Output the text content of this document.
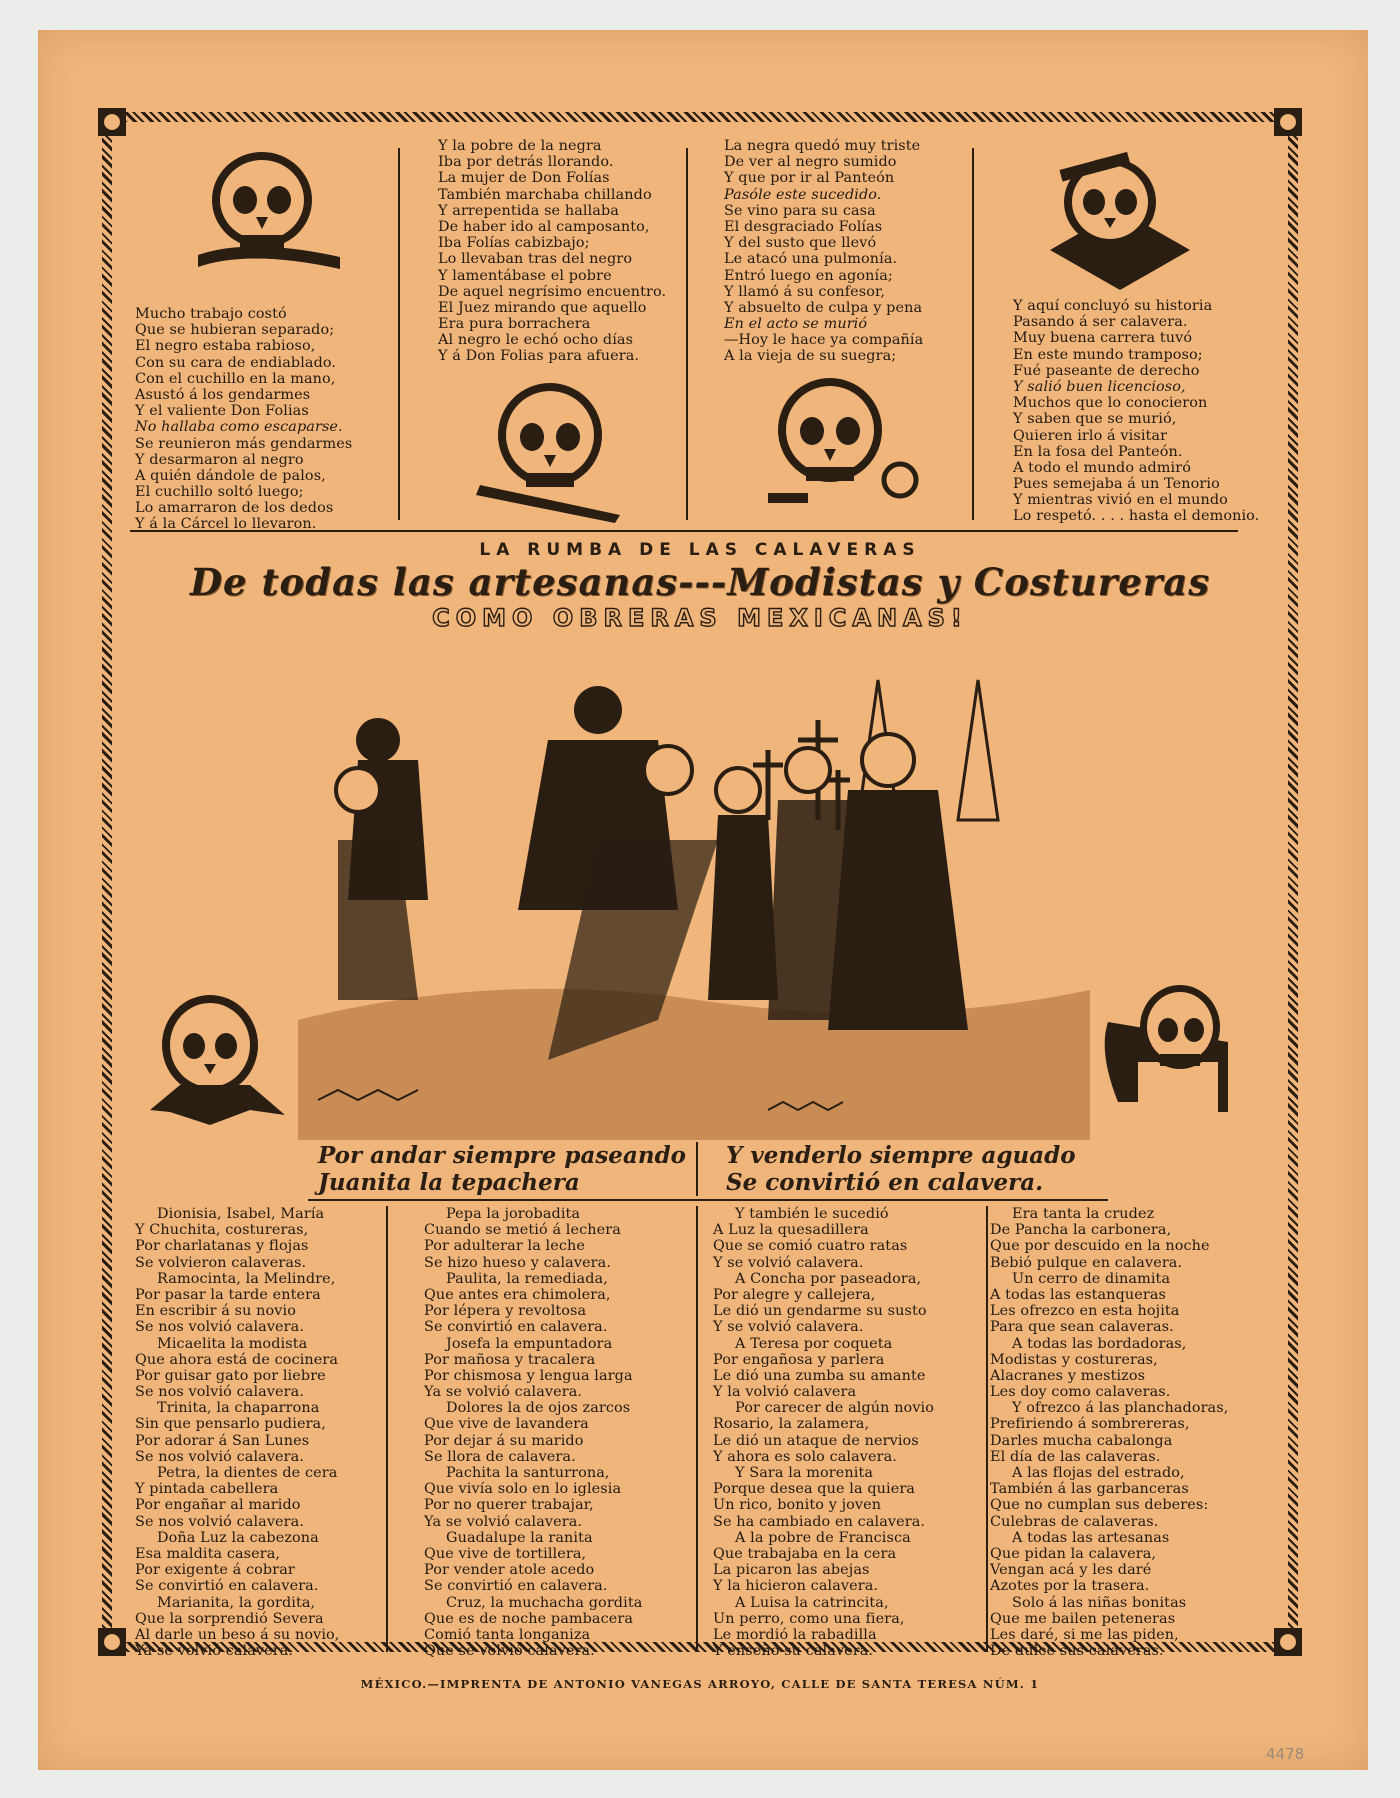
Mucho trabajo costó
Que se hubieran separado;
El negro estaba rabioso,
Con su cara de endiablado.
Con el cuchillo en la mano,
Asustó á los gendarmes
Y el valiente Don Folias
No hallaba como escaparse.
Se reunieron más gendarmes
Y desarmaron al negro
A quién dándole de palos,
El cuchillo soltó luego;
Lo amarraron de los dedos
Y á la Cárcel lo llevaron.
Y la pobre de la negra
Iba por detrás llorando.
La mujer de Don Folías
También marchaba chillando
Y arrepentida se hallaba
De haber ido al camposanto,
Iba Folías cabizbajo;
Lo llevaban tras del negro
Y lamentábase el pobre
De aquel negrísimo encuentro.
El Juez mirando que aquello
Era pura borrachera
Al negro le echó ocho días
Y á Don Folias para afuera.
La negra quedó muy triste
De ver al negro sumido
Y que por ir al Panteón
Pasóle este sucedido.
Se vino para su casa
El desgraciado Folías
Y del susto que llevó
Le atacó una pulmonía.
Entró luego en agonía;
Y llamó á su confesor,
Y absuelto de culpa y pena
En el acto se murió
—Hoy le hace ya compañía
A la vieja de su suegra;
Y aquí concluyó su historia
Pasando á ser calavera.
Muy buena carrera tuvó
En este mundo tramposo;
Fué paseante de derecho
Y salió buen licencioso,
Muchos que lo conocieron
Y saben que se murió,
Quieren irlo á visitar
En la fosa del Panteón.
A todo el mundo admiró
Pues semejaba á un Tenorio
Y mientras vivió en el mundo
Lo respetó. . . . hasta el demonio.
LA RUMBA DE LAS CALAVERAS
De todas las artesanas---Modistas y Costureras
COMO OBRERAS MEXICANAS!
Por andar siempre paseando
Juanita la tepachera
Y venderlo siempre aguado
Se convirtió en calavera.
Dionisia, Isabel, María
Y Chuchita, costureras,
Por charlatanas y flojas
Se volvieron calaveras.
Ramocinta, la Melindre,
Por pasar la tarde entera
En escribir á su novio
Se nos volvió calavera.
Micaelita la modista
Que ahora está de cocinera
Por guisar gato por liebre
Se nos volvió calavera.
Trinita, la chaparrona
Sin que pensarlo pudiera,
Por adorar á San Lunes
Se nos volvió calavera.
Petra, la dientes de cera
Y pintada cabellera
Por engañar al marido
Se nos volvió calavera.
Doña Luz la cabezona
Esa maldita casera,
Por exigente á cobrar
Se convirtió en calavera.
Marianita, la gordita,
Que la sorprendió Severa
Al darle un beso á su novio,
Ya se volvió calavera.
Pepa la jorobadita
Cuando se metió á lechera
Por adulterar la leche
Se hizo hueso y calavera.
Paulita, la remediada,
Que antes era chimolera,
Por lépera y revoltosa
Se convirtió en calavera.
Josefa la empuntadora
Por mañosa y tracalera
Por chismosa y lengua larga
Ya se volvió calavera.
Dolores la de ojos zarcos
Que vive de lavandera
Por dejar á su marido
Se llora de calavera.
Pachita la santurrona,
Que vivía solo en lo iglesia
Por no querer trabajar,
Ya se volvió calavera.
Guadalupe la ranita
Que vive de tortillera,
Por vender atole acedo
Se convirtió en calavera.
Cruz, la muchacha gordita
Que es de noche pambacera
Comió tanta longaniza
Que se volvió calavera.
Y también le sucedió
A Luz la quesadillera
Que se comió cuatro ratas
Y se volvió calavera.
A Concha por paseadora,
Por alegre y callejera,
Le dió un gendarme su susto
Y se volvió calavera.
A Teresa por coqueta
Por engañosa y parlera
Le dió una zumba su amante
Y la volvió calavera
Por carecer de algún novio
Rosario, la zalamera,
Le dió un ataque de nervios
Y ahora es solo calavera.
Y Sara la morenita
Porque desea que la quiera
Un rico, bonito y joven
Se ha cambiado en calavera.
A la pobre de Francisca
Que trabajaba en la cera
La picaron las abejas
Y la hicieron calavera.
A Luisa la catrincita,
Un perro, como una fiera,
Le mordió la rabadilla
Y enseñó su calavera.
Era tanta la crudez
De Pancha la carbonera,
Que por descuido en la noche
Bebió pulque en calavera.
Un cerro de dinamita
A todas las estanqueras
Les ofrezco en esta hojita
Para que sean calaveras.
A todas las bordadoras,
Modistas y costureras,
Alacranes y mestizos
Les doy como calaveras.
Y ofrezco á las planchadoras,
Prefiriendo á sombrereras,
Darles mucha cabalonga
El día de las calaveras.
A las flojas del estrado,
También á las garbanceras
Que no cumplan sus deberes:
Culebras de calaveras.
A todas las artesanas
Que pidan la calavera,
Vengan acá y les daré
Azotes por la trasera.
Solo á las niñas bonitas
Que me bailen peteneras
Les daré, si me las piden,
De dulce sus calaveras.
MÉXICO.—IMPRENTA DE ANTONIO VANEGAS ARROYO, CALLE DE SANTA TERESA NÚM. 1
4478
